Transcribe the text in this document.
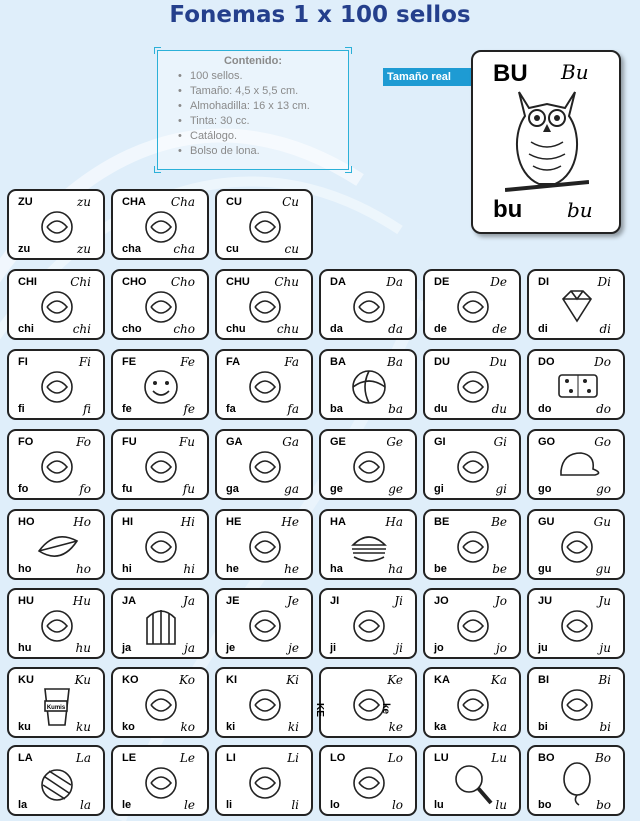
Fonemas 1 x 100 sellos
Contenido:
• 100 sellos.
• Tamaño: 4,5 x 5,5 cm.
• Almohadilla: 16 x 13 cm.
• Tinta: 30 cc.
• Catálogo.
• Bolso de lona.
Tamaño real	BU Bu
bu bu
ZU	zu
zu	zu
CHA Cha
cha	cha
CU	Cu
cu	cu
CHI	Chi
chi	chi
CHO Cho
cho	cho
CHU Chu
chu	chu
DA	Da
da	da
DE	De
de	de
DI	Di
di	di
FI	Fi
fi	fi
FE	Fe
fe	fe
FA	Fa
fa	fa
BA	Ba
ba	ba
DU	Du
du	du
DO	Do
do	do
FO	Fo
fo	fo
FU	Fu
fu	fu
GA	Ga
ga	ga
GE	Ge
ge	ge
GI	Gi
gi	gi
GO	Go
go	go
HO	Ho
ho	ho
HI	Hi
hi	hi
HE	He
he	he
HA	Ha
ha	ha
BE	Be
be	be
GU	Gu
gu	gu
HU	Hu
hu	hu
JA	Ja
ja	ja
JE	Je
je	je
JI	Ji
ji	ji
JO	Jo
jo	jo
JU	Ju
ju	ju
KU	Ku
Kumis
ku	ku
KO	Ko
ko	ko
KI	Ki
ki	ki
Ke
ke
KE	ke
KA	Ka
ka	ka
BI	Bi
bi	bi
LA	La
la	la
LE	Le
le	le
LI	Li
li	li
LO	Lo
lo	lo
LU	Lu
lu	lu
BO	Bo
bo	bo
